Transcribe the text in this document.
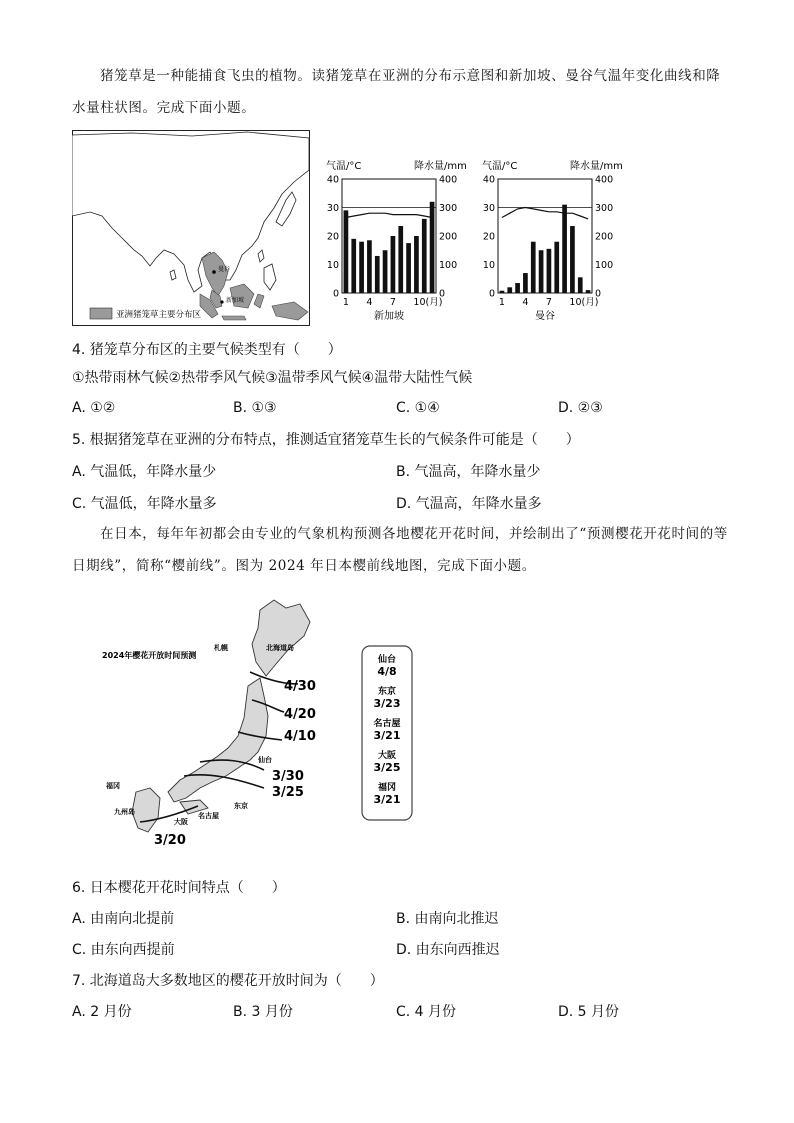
猪笼草是一种能捕食飞虫的植物。读猪笼草在亚洲的分布示意图和新加坡、曼谷气温年变化曲线和降
水量柱状图。完成下面小题。
曼谷
新加坡
亚洲猪笼草主要分布区
气温/°C	降水量/mm
40	400
30	300
20	200
10	100
0	0
1 4 7 10(月)
新加坡
气温/°C	降水量/mm
40	400
30	300
20	200
10	100
0	0
1 4 7 10(月)
曼谷
4. 猪笼草分布区的主要气候类型有（　　）
①热带雨林气候②热带季风气候③温带季风气候④温带大陆性气候
A. ①②	B. ①③	C. ①④	D. ②③
5. 根据猪笼草在亚洲的分布特点，推测适宜猪笼草生长的气候条件可能是（　　）
A. 气温低，年降水量少	B. 气温高，年降水量少
C. 气温低，年降水量多	D. 气温高，年降水量多
在日本，每年年初都会由专业的气象机构预测各地樱花开花时间，并绘制出了“预测樱花开花时间的等
日期线”，简称“樱前线”。图为 2024 年日本樱前线地图，完成下面小题。
2024年樱花开放时间预测
4/30
4/20
4/10
3/30
3/25
3/20
札幌	北海道岛
仙台
东京
名古屋
大阪
福冈
九州岛
仙台
4/8
东京
3/23
名古屋
3/21
大阪
3/25
福冈
3/21
6. 日本樱花开花时间特点（　　）
A. 由南向北提前	B. 由南向北推迟
C. 由东向西提前	D. 由东向西推迟
7. 北海道岛大多数地区的樱花开放时间为（　　）
A. 2 月份	B. 3 月份	C. 4 月份	D. 5 月份
